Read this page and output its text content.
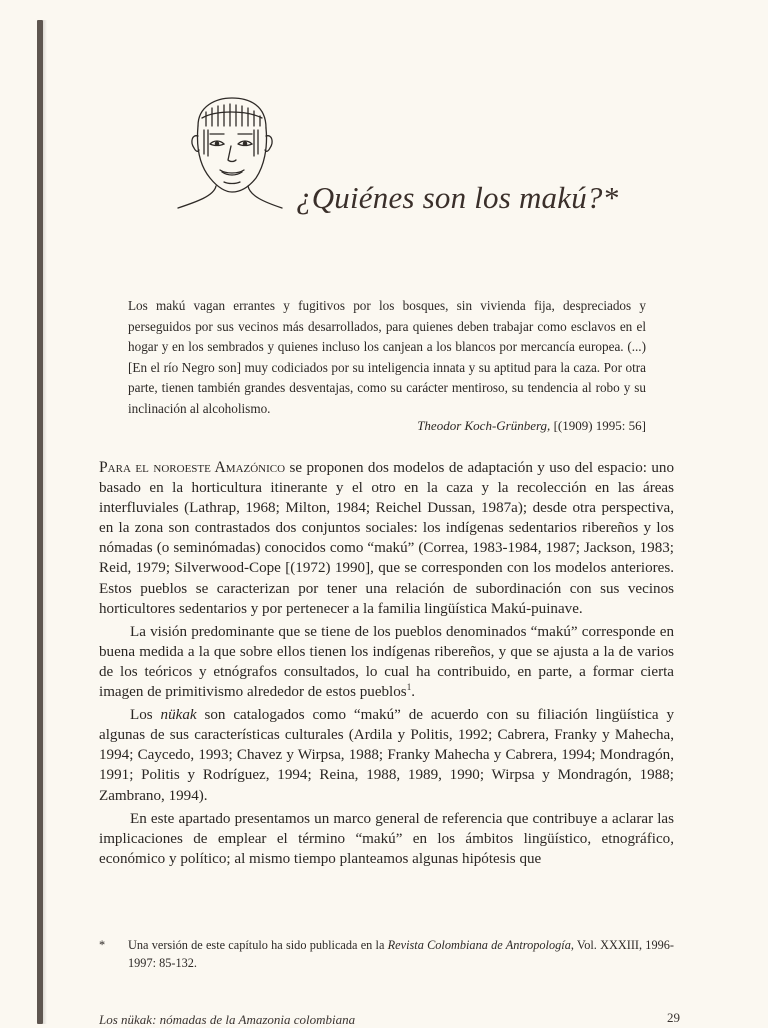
¿Quiénes son los makú?*

Los makú vagan errantes y fugitivos por los bosques, sin vivienda fija, despreciados y perseguidos por sus vecinos más desarrollados, para quienes deben trabajar como esclavos en el hogar y en los sembrados y quienes incluso los canjean a los blancos por mercancía europea. (...) [En el río Negro son] muy codiciados por su inteligencia innata y su aptitud para la caza. Por otra parte, tienen también grandes desventajas, como su carácter mentiroso, su tendencia al robo y su inclinación al alcoholismo.

Theodor Koch-Grünberg, [(1909) 1995: 56]

Para el noroeste Amazónico se proponen dos modelos de adaptación y uso del espacio: uno basado en la horticultura itinerante y el otro en la caza y la recolección en las áreas interfluviales (Lathrap, 1968; Milton, 1984; Reichel Dussan, 1987a); desde otra perspectiva, en la zona son contrastados dos conjuntos sociales: los indígenas sedentarios ribereños y los nómadas (o seminómadas) conocidos como “makú” (Correa, 1983-1984, 1987; Jackson, 1983; Reid, 1979; Silverwood-Cope [(1972) 1990], que se corresponden con los modelos anteriores. Estos pueblos se caracterizan por tener una relación de subordinación con sus vecinos horticultores sedentarios y por pertenecer a la familia lingüística Makú-puinave.

La visión predominante que se tiene de los pueblos denominados “makú” corresponde en buena medida a la que sobre ellos tienen los indígenas ribereños, y que se ajusta a la de varios de los teóricos y etnógrafos consultados, lo cual ha contribuido, en parte, a formar cierta imagen de primitivismo alrededor de estos pueblos$^1$.

Los nükak son catalogados como “makú” de acuerdo con su filiación lingüística y algunas de sus características culturales (Ardila y Politis, 1992; Cabrera, Franky y Mahecha, 1994; Caycedo, 1993; Chavez y Wirpsa, 1988; Franky Mahecha y Cabrera, 1994; Mondragón, 1991; Politis y Rodríguez, 1994; Reina, 1988, 1989, 1990; Wirpsa y Mondragón, 1988; Zambrano, 1994).

En este apartado presentamos un marco general de referencia que contribuye a aclarar las implicaciones de emplear el término “makú” en los ámbitos lingüístico, etnográfico, económico y político; al mismo tiempo planteamos algunas hipótesis que

*	Una versión de este capítulo ha sido publicada en la Revista Colombiana de Antropología, Vol. XXXIII, 1996-1997: 85-132.
Los nükak: nómadas de la Amazonia colombiana	29
